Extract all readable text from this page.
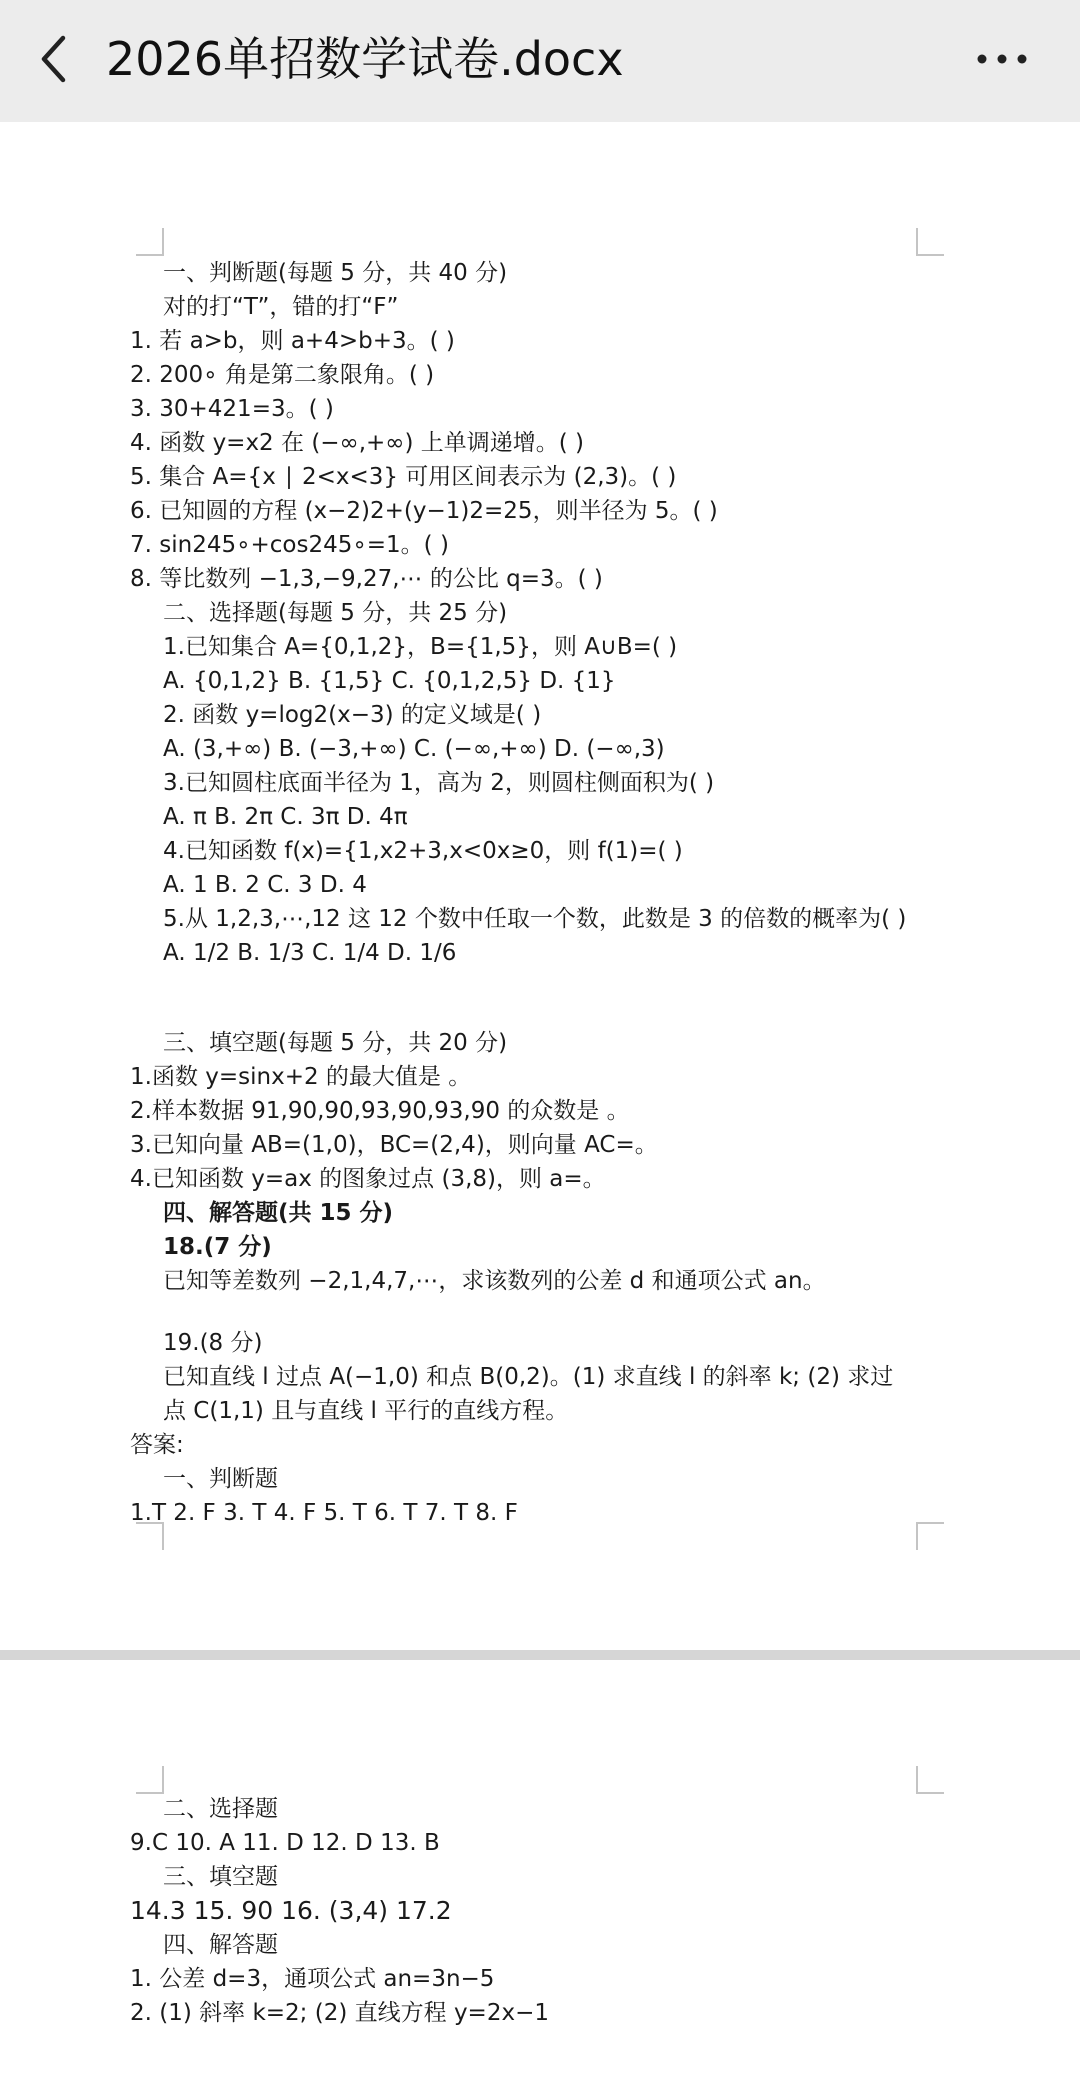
2026单招数学试卷.docx
一、判断题(每题 5 分，共 40 分)
对的打“T”，错的打“F”
1. 若 a>b，则 a+4>b+3。( )
2. 200∘ 角是第二象限角。( )
3. 30+421=3。( )
4. 函数 y=x2 在 (−∞,+∞) 上单调递增。( )
5. 集合 A={x ∣ 2<x<3} 可用区间表示为 (2,3)。( )
6. 已知圆的方程 (x−2)2+(y−1)2=25，则半径为 5。( )
7. sin245∘+cos245∘=1。( )
8. 等比数列 −1,3,−9,27,⋯ 的公比 q=3。( )
二、选择题(每题 5 分，共 25 分)
1.已知集合 A={0,1,2}，B={1,5}，则 A∪B=( )
A. {0,1,2} B. {1,5} C. {0,1,2,5} D. {1}
2. 函数 y=log2(x−3) 的定义域是( )
A. (3,+∞) B. (−3,+∞) C. (−∞,+∞) D. (−∞,3)
3.已知圆柱底面半径为 1，高为 2，则圆柱侧面积为( )
A. π B. 2π C. 3π D. 4π
4.已知函数 f(x)={1,x2+3,x<0x≥0，则 f(1)=( )
A. 1 B. 2 C. 3 D. 4
5.从 1,2,3,⋯,12 这 12 个数中任取一个数，此数是 3 的倍数的概率为( )
A. 1/2 B. 1/3 C. 1/4 D. 1/6
三、填空题(每题 5 分，共 20 分)
1.函数 y=sinx+2 的最大值是 。
2.样本数据 91,90,90,93,90,93,90 的众数是 。
3.已知向量 AB=(1,0)，BC=(2,4)，则向量 AC=。
4.已知函数 y=ax 的图象过点 (3,8)，则 a=。
四、解答题(共 15 分)
18.(7 分)
已知等差数列 −2,1,4,7,⋯，求该数列的公差 d 和通项公式 an。
19.(8 分)
已知直线 l 过点 A(−1,0) 和点 B(0,2)。(1) 求直线 l 的斜率 k; (2) 求过
点 C(1,1) 且与直线 l 平行的直线方程。
答案:
一、判断题
1.T 2. F 3. T 4. F 5. T 6. T 7. T 8. F
二、选择题
9.C 10. A 11. D 12. D 13. B
三、填空题
14.3 15. 90 16. (3,4) 17.2
四、解答题
1. 公差 d=3，通项公式 an=3n−5
2. (1) 斜率 k=2; (2) 直线方程 y=2x−1
